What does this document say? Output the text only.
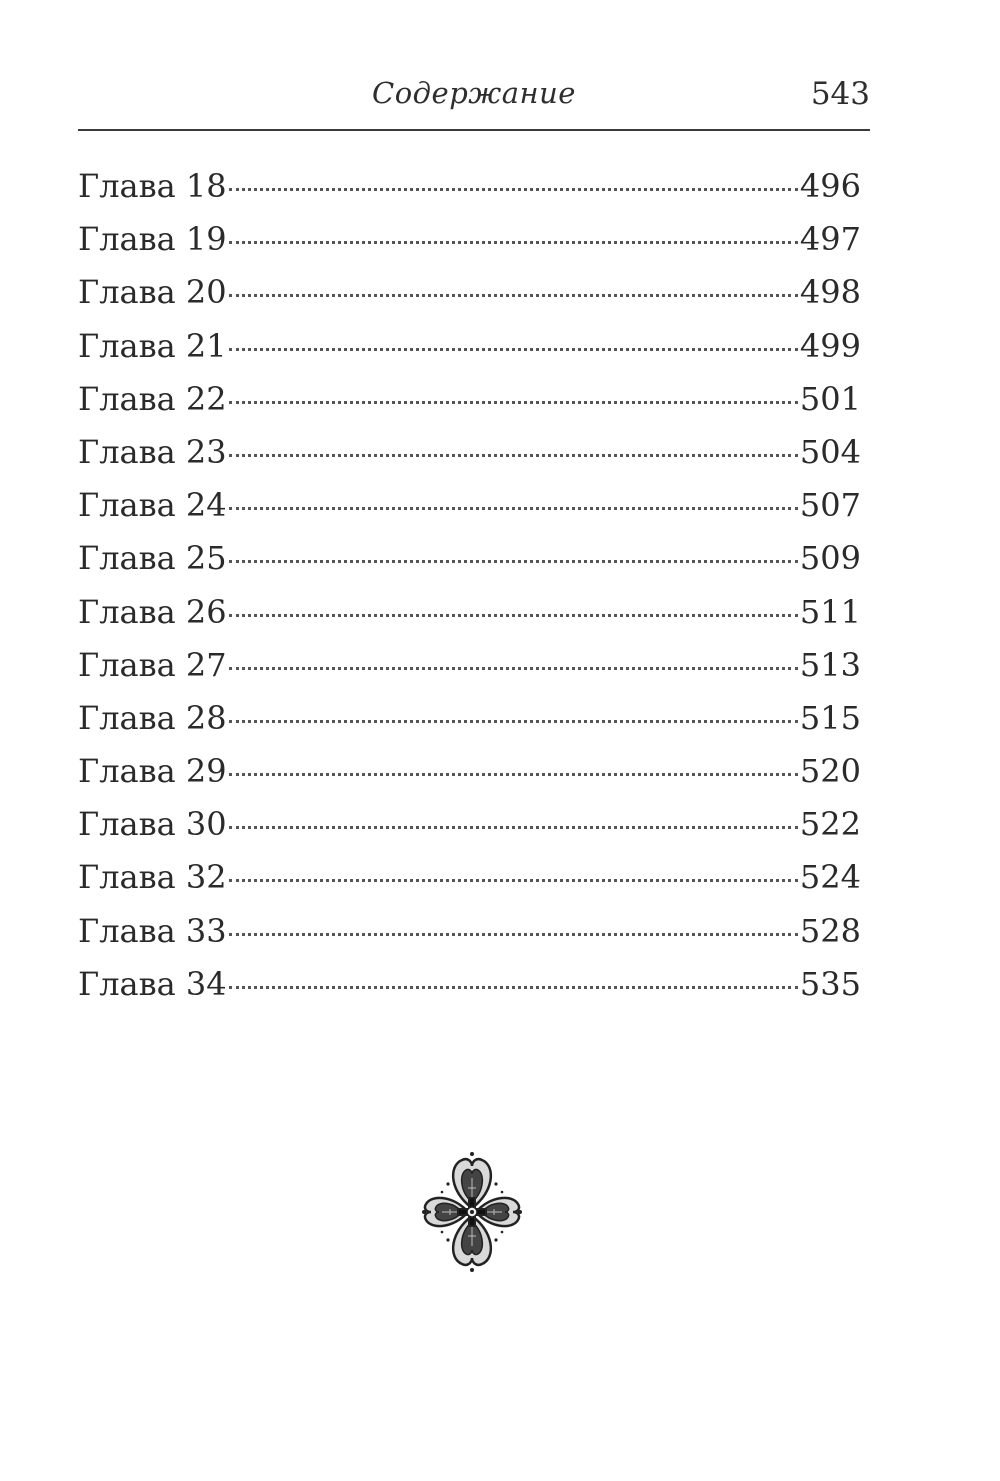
Содержание	543
Глава 18	496
Глава 19	497
Глава 20	498
Глава 21	499
Глава 22	501
Глава 23	504
Глава 24	507
Глава 25	509
Глава 26	511
Глава 27	513
Глава 28	515
Глава 29	520
Глава 30	522
Глава 32	524
Глава 33	528
Глава 34	535
